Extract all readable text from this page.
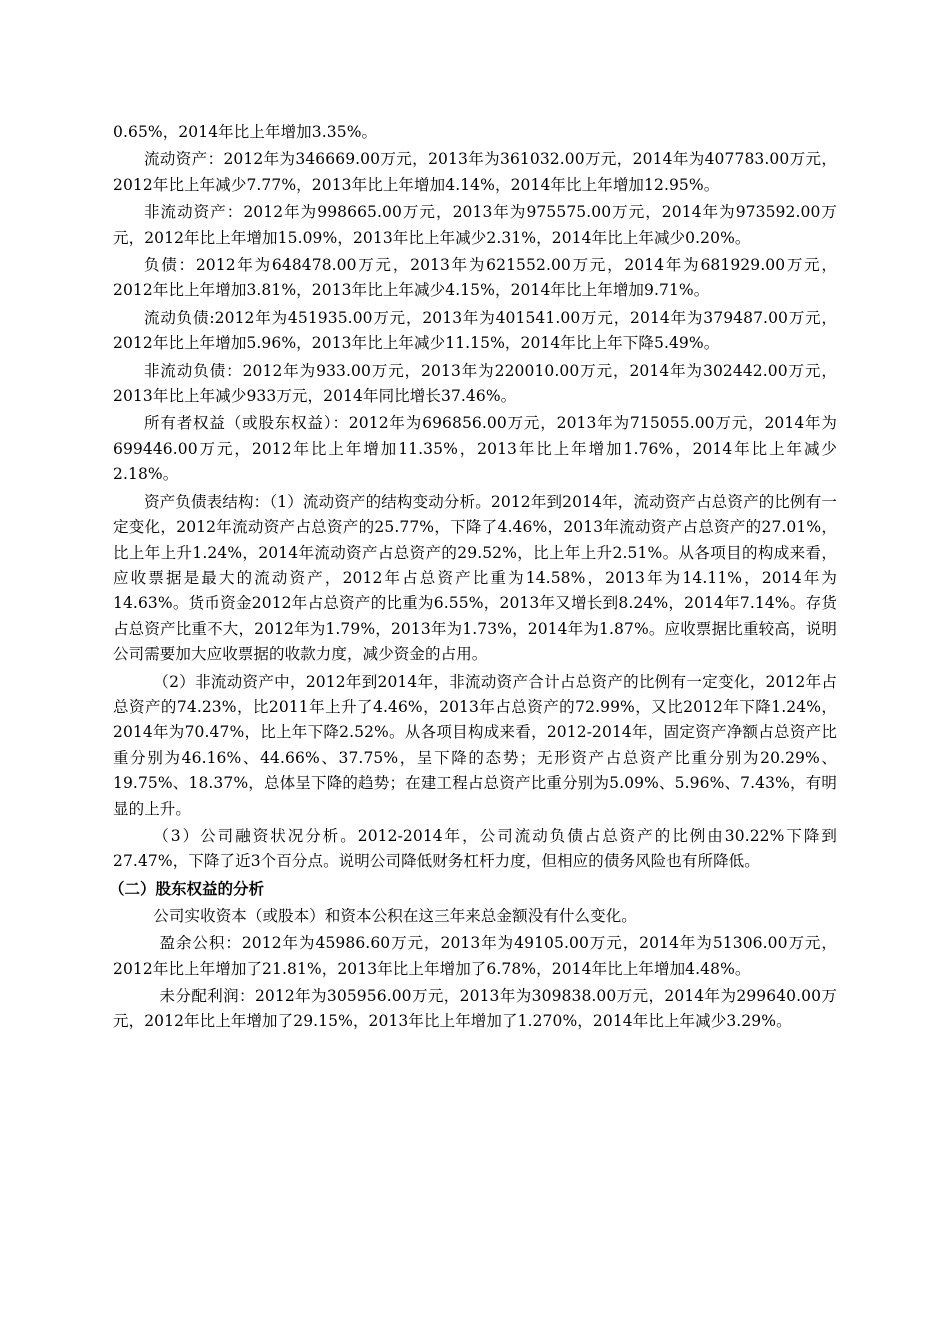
0.65%，2014年比上年增加3.35%。

流动资产：2012年为346669.00万元，2013年为361032.00万元，2014年为407783.00万元，2012年比上年减少7.77%，2013年比上年增加4.14%，2014年比上年增加12.95%。

非流动资产：2012年为998665.00万元，2013年为975575.00万元，2014年为973592.00万元，2012年比上年增加15.09%，2013年比上年减少2.31%，2014年比上年减少0.20%。

负债：2012年为648478.00万元，2013年为621552.00万元，2014年为681929.00万元，2012年比上年增加3.81%，2013年比上年减少4.15%，2014年比上年增加9.71%。

流动负债:2012年为451935.00万元，2013年为401541.00万元，2014年为379487.00万元，2012年比上年增加5.96%，2013年比上年减少11.15%，2014年比上年下降5.49%。

非流动负债：2012年为933.00万元，2013年为220010.00万元，2014年为302442.00万元，2013年比上年减少933万元，2014年同比增长37.46%。

所有者权益（或股东权益）：2012年为696856.00万元，2013年为715055.00万元，2014年为699446.00万元，2012年比上年增加11.35%，2013年比上年增加1.76%，2014年比上年减少2.18%。

资产负债表结构：（1）流动资产的结构变动分析。2012年到2014年，流动资产占总资产的比例有一定变化，2012年流动资产占总资产的25.77%，下降了4.46%，2013年流动资产占总资产的27.01%，比上年上升1.24%，2014年流动资产占总资产的29.52%，比上年上升2.51%。从各项目的构成来看，应收票据是最大的流动资产，2012年占总资产比重为14.58%，2013年为14.11%，2014年为14.63%。货币资金2012年占总资产的比重为6.55%，2013年又增长到8.24%，2014年7.14%。存货占总资产比重不大，2012年为1.79%，2013年为1.73%，2014年为1.87%。应收票据比重较高，说明公司需要加大应收票据的收款力度，减少资金的占用。

（2）非流动资产中，2012年到2014年，非流动资产合计占总资产的比例有一定变化，2012年占总资产的74.23%，比2011年上升了4.46%，2013年占总资产的72.99%，又比2012年下降1.24%，2014年为70.47%，比上年下降2.52%。从各项目构成来看，2012-2014年，固定资产净额占总资产比重分别为46.16%、44.66%、37.75%，呈下降的态势；无形资产占总资产比重分别为20.29%、19.75%、18.37%，总体呈下降的趋势；在建工程占总资产比重分别为5.09%、5.96%、7.43%，有明显的上升。

（3）公司融资状况分析。2012-2014年，公司流动负债占总资产的比例由30.22%下降到27.47%，下降了近3个百分点。说明公司降低财务杠杆力度，但相应的债务风险也有所降低。

（二）股东权益的分析

公司实收资本（或股本）和资本公积在这三年来总金额没有什么变化。

盈余公积：2012年为45986.60万元，2013年为49105.00万元，2014年为51306.00万元，2012年比上年增加了21.81%，2013年比上年增加了6.78%，2014年比上年增加4.48%。

未分配利润：2012年为305956.00万元，2013年为309838.00万元，2014年为299640.00万元，2012年比上年增加了29.15%，2013年比上年增加了1.270%，2014年比上年减少3.29%。
